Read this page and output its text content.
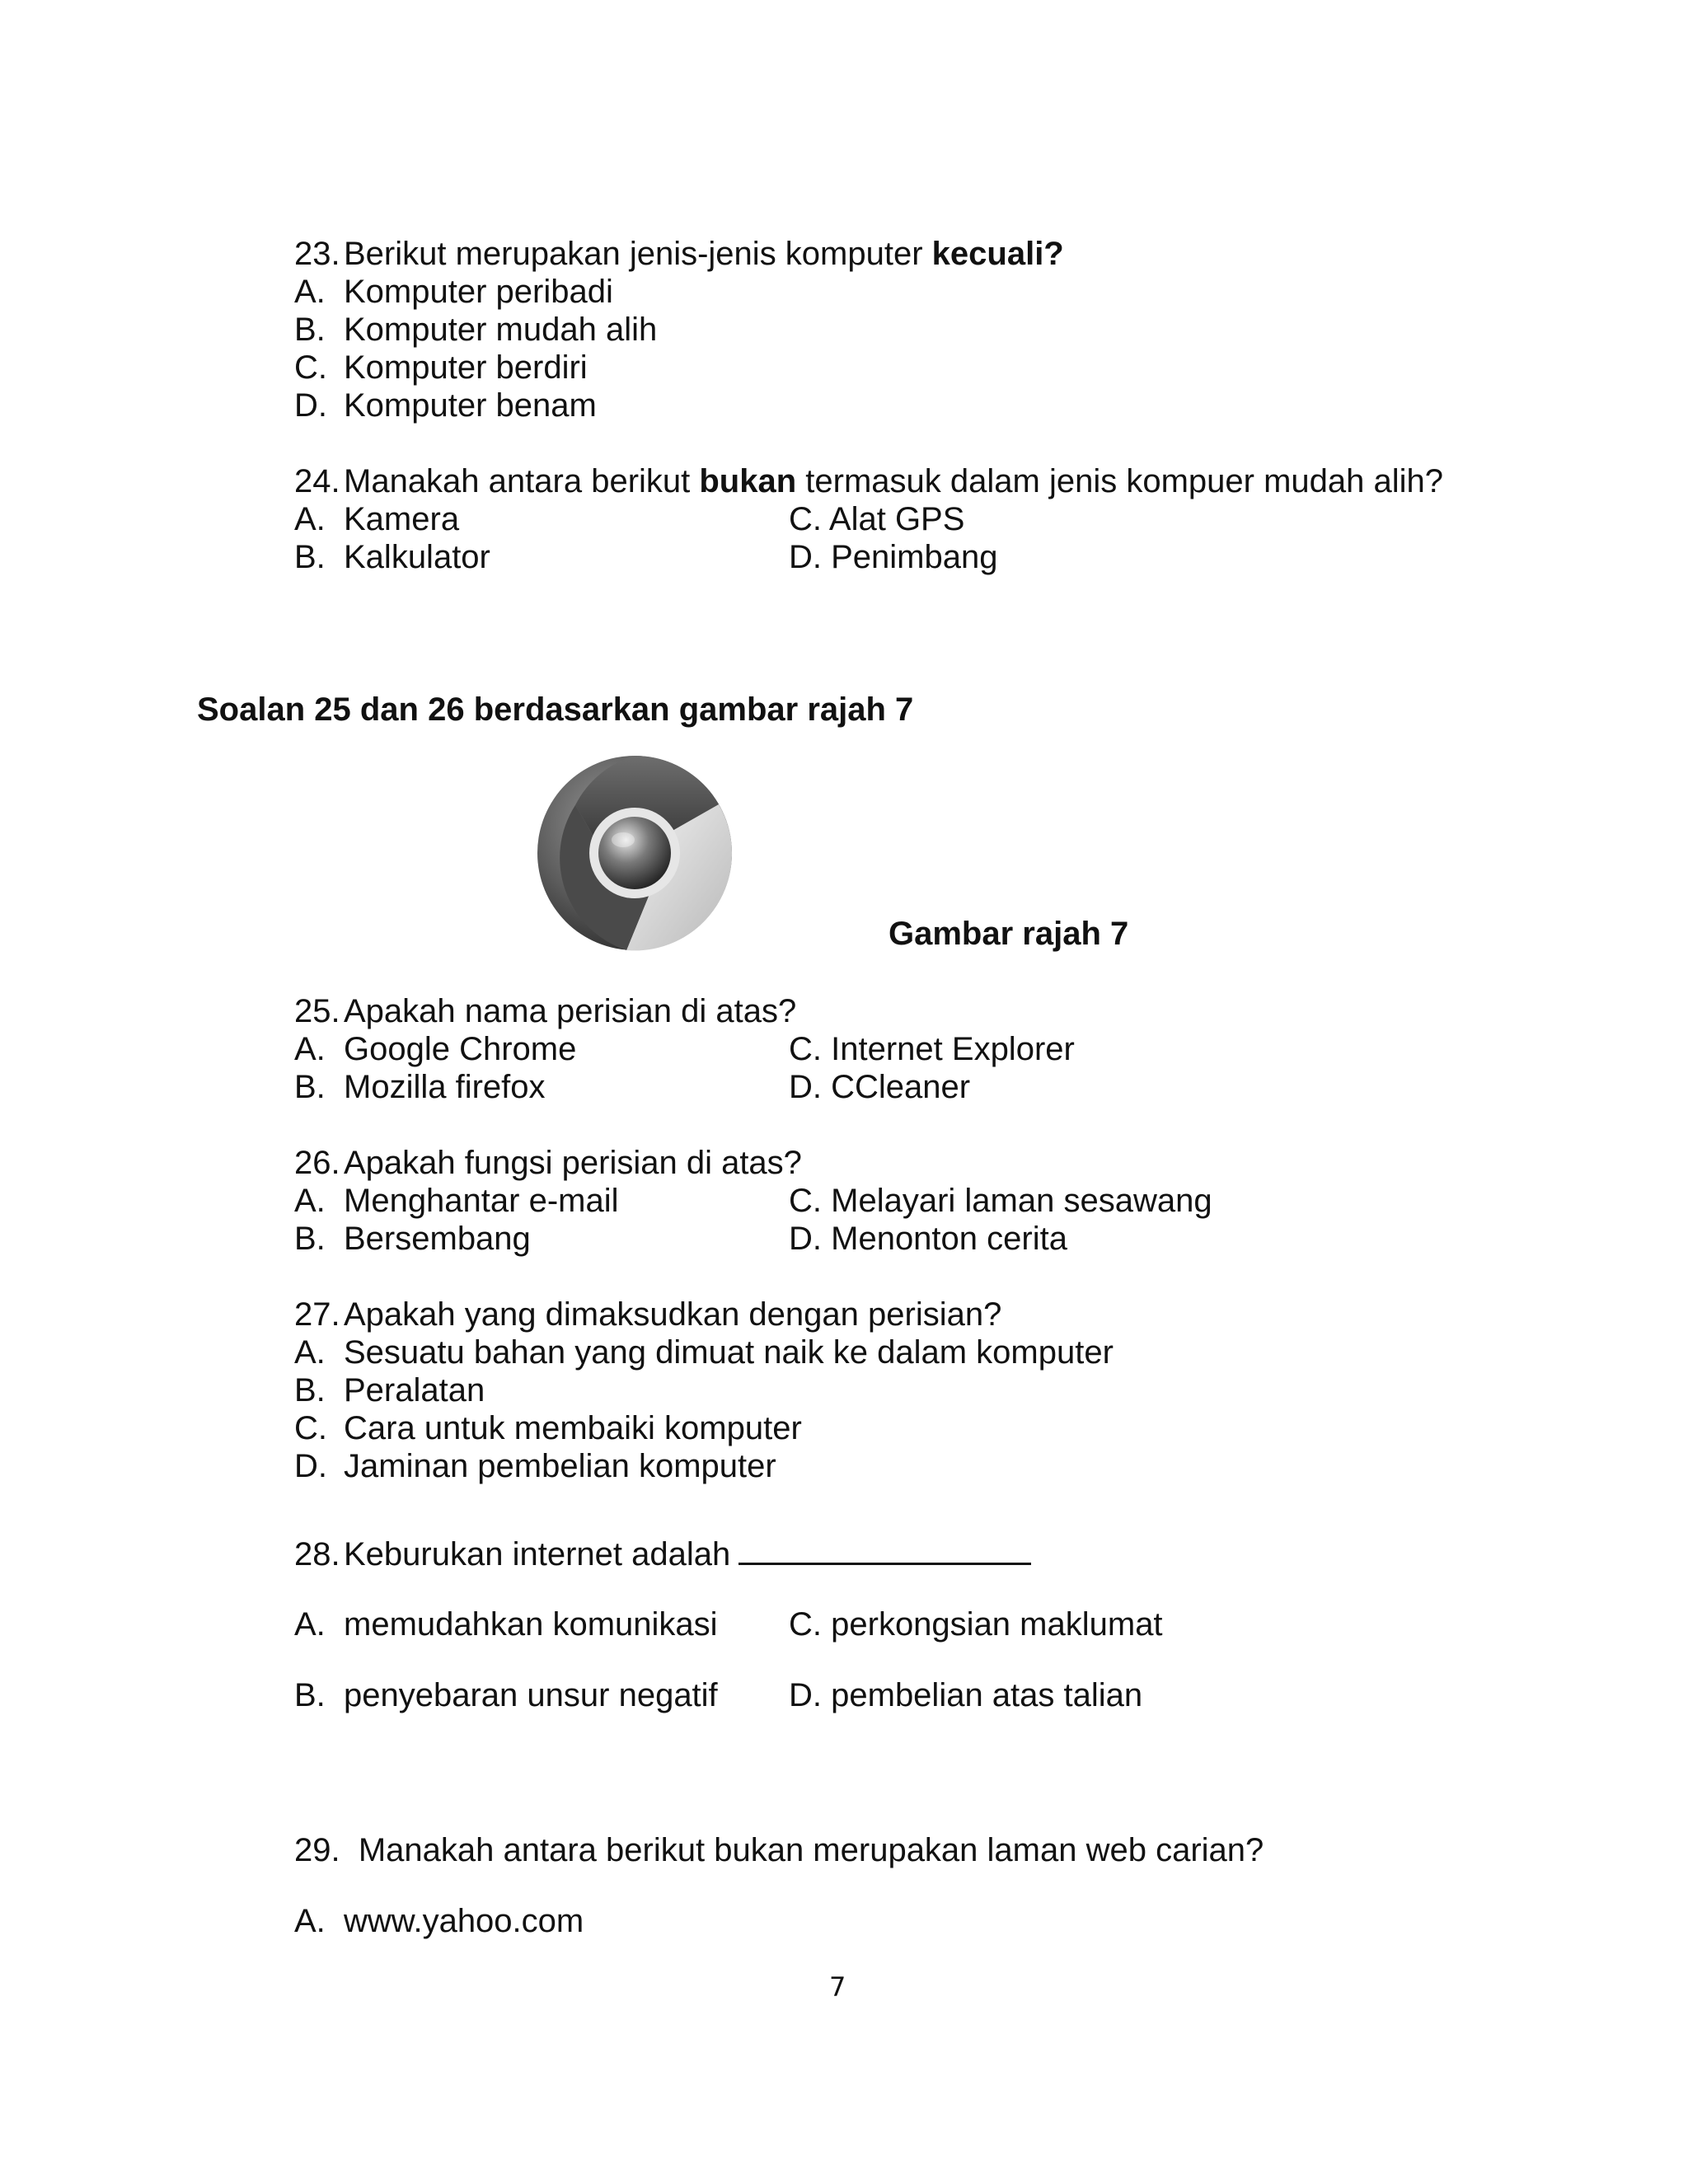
23. Berikut merupakan jenis-jenis komputer kecuali?
A. Komputer peribadi
B. Komputer mudah alih
C. Komputer berdiri
D. Komputer benam
24. Manakah antara berikut bukan termasuk dalam jenis kompuer mudah alih?
A. Kamera	C. Alat GPS
B. Kalkulator	D. Penimbang
Soalan 25 dan 26 berdasarkan gambar rajah 7
Gambar rajah 7
25. Apakah nama perisian di atas?
A. Google Chrome	C. Internet Explorer
B. Mozilla firefox	D. CCleaner
26. Apakah fungsi perisian di atas?
A. Menghantar e-mail	C. Melayari laman sesawang
B. Bersembang	D. Menonton cerita
27. Apakah yang dimaksudkan dengan perisian?
A. Sesuatu bahan yang dimuat naik ke dalam komputer
B. Peralatan
C. Cara untuk membaiki komputer
D. Jaminan pembelian komputer
28. Keburukan internet adalah
A. memudahkan komunikasi C. perkongsian maklumat
B. penyebaran unsur negatif D. pembelian atas talian
29. Manakah antara berikut bukan merupakan laman web carian?
A. www.yahoo.com
7
